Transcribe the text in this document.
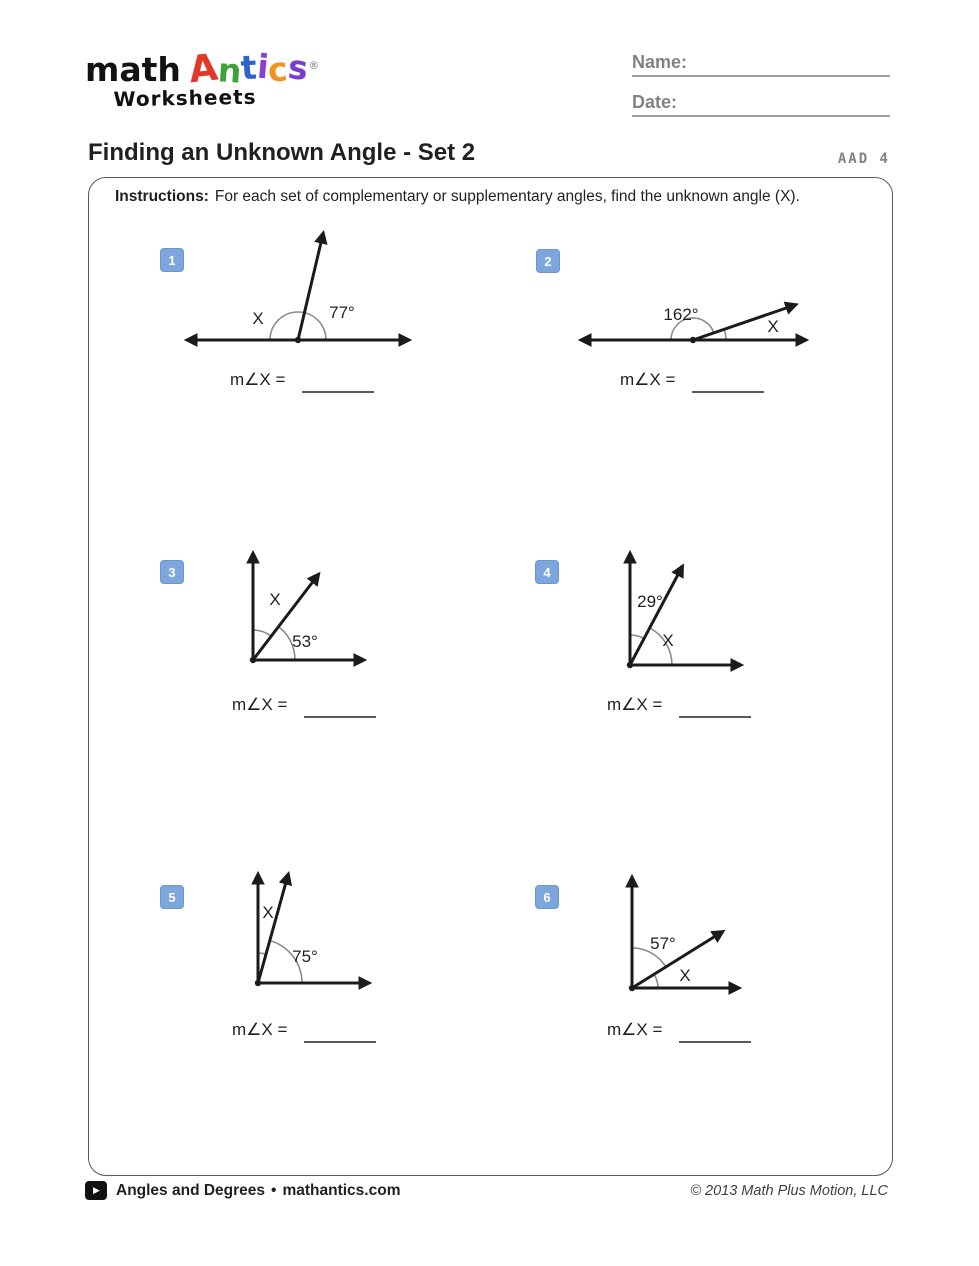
math Antics®
Worksheets
Name:
Date:
Finding an Unknown Angle - Set 2	AAD 4
Instructions: For each set of complementary or supplementary angles, find the unknown angle (X).
1
X	77°
m∠X =
2
162°
X
m∠X =
3
X
53°
m∠X =
4
29°
X
m∠X =
5
X
75°
m∠X =
6
57°
X
m∠X =
▶	Angles and Degrees • mathantics.com	© 2013 Math Plus Motion, LLC
